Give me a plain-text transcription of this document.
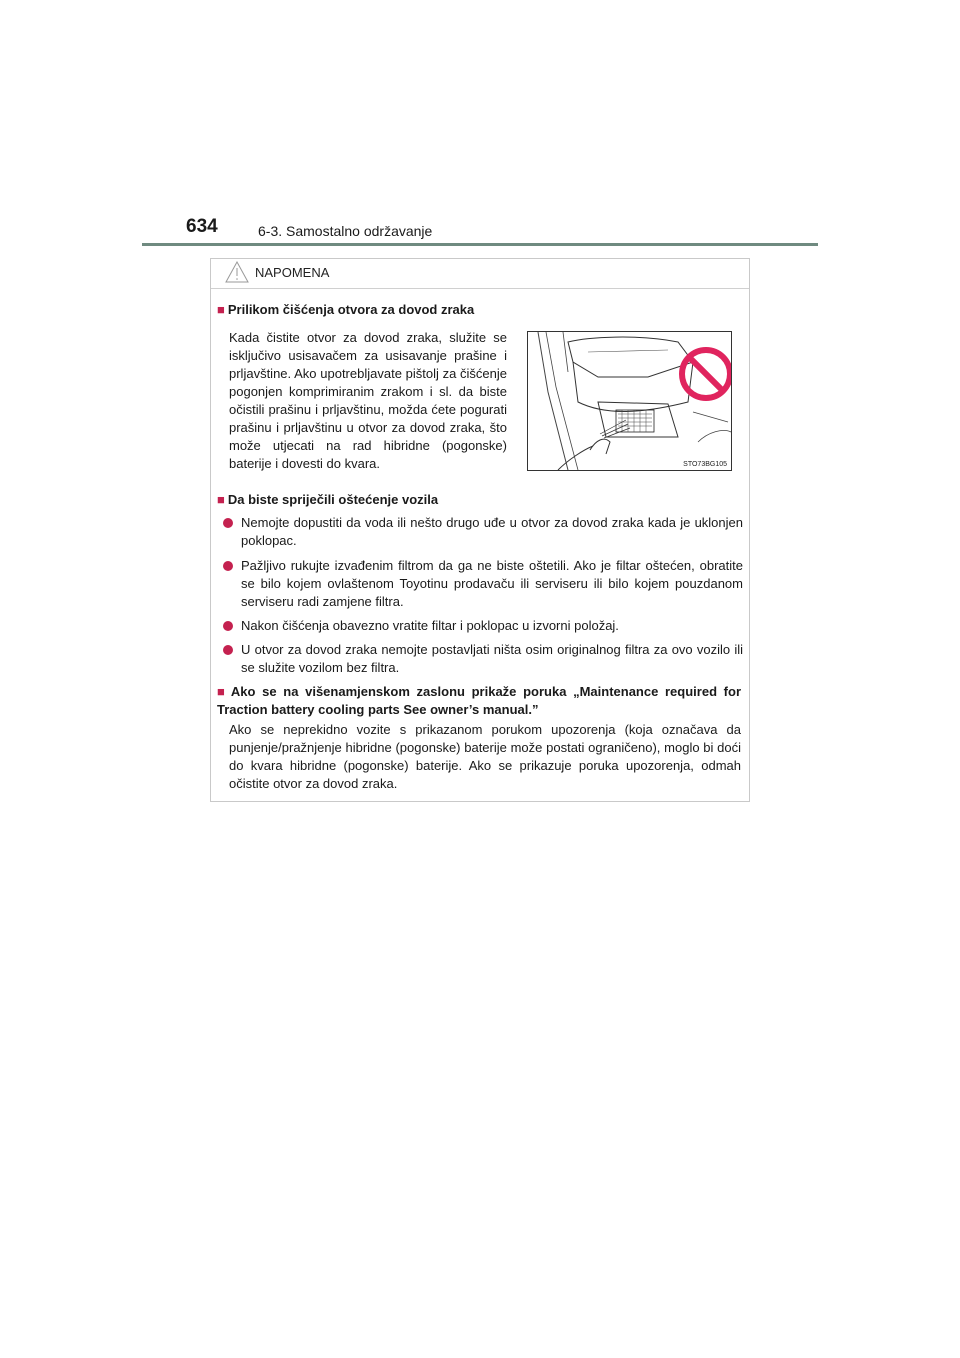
634	6-3. Samostalno održavanje
NAPOMENA
■ Prilikom čišćenja otvora za dovod zraka
Kada čistite otvor za dovod zraka, služite se isključivo usisavačem za usisavanje prašine i prljavštine. Ako upotrebljavate pištolj za čišćenje pogonjen komprimiranim zrakom i sl. da biste očistili prašinu i prljavštinu, možda ćete pogurati prašinu i prljavštinu u otvor za dovod zraka, što može utjecati na rad hibridne (pogonske) baterije i dovesti do kvara.	STO73BG105
■ Da biste spriječili oštećenje vozila
Nemojte dopustiti da voda ili nešto drugo uđe u otvor za dovod zraka kada je uklonjen poklopac.
Pažljivo rukujte izvađenim filtrom da ga ne biste oštetili. Ako je filtar oštećen, obratite se bilo kojem ovlaštenom Toyotinu prodavaču ili serviseru ili bilo kojem pouzdanom serviseru radi zamjene filtra.
Nakon čišćenja obavezno vratite filtar i poklopac u izvorni položaj.
U otvor za dovod zraka nemojte postavljati ništa osim originalnog filtra za ovo vozilo ili se služite vozilom bez filtra.
■ Ako se na višenamjenskom zaslonu prikaže poruka „Maintenance required for Traction battery cooling parts See owner’s manual.”
Ako se neprekidno vozite s prikazanom porukom upozorenja (koja označava da punjenje/pražnjenje hibridne (pogonske) baterije može postati ograničeno), moglo bi doći do kvara hibridne (pogonske) baterije. Ako se prikazuje poruka upozorenja, odmah očistite otvor za dovod zraka.
